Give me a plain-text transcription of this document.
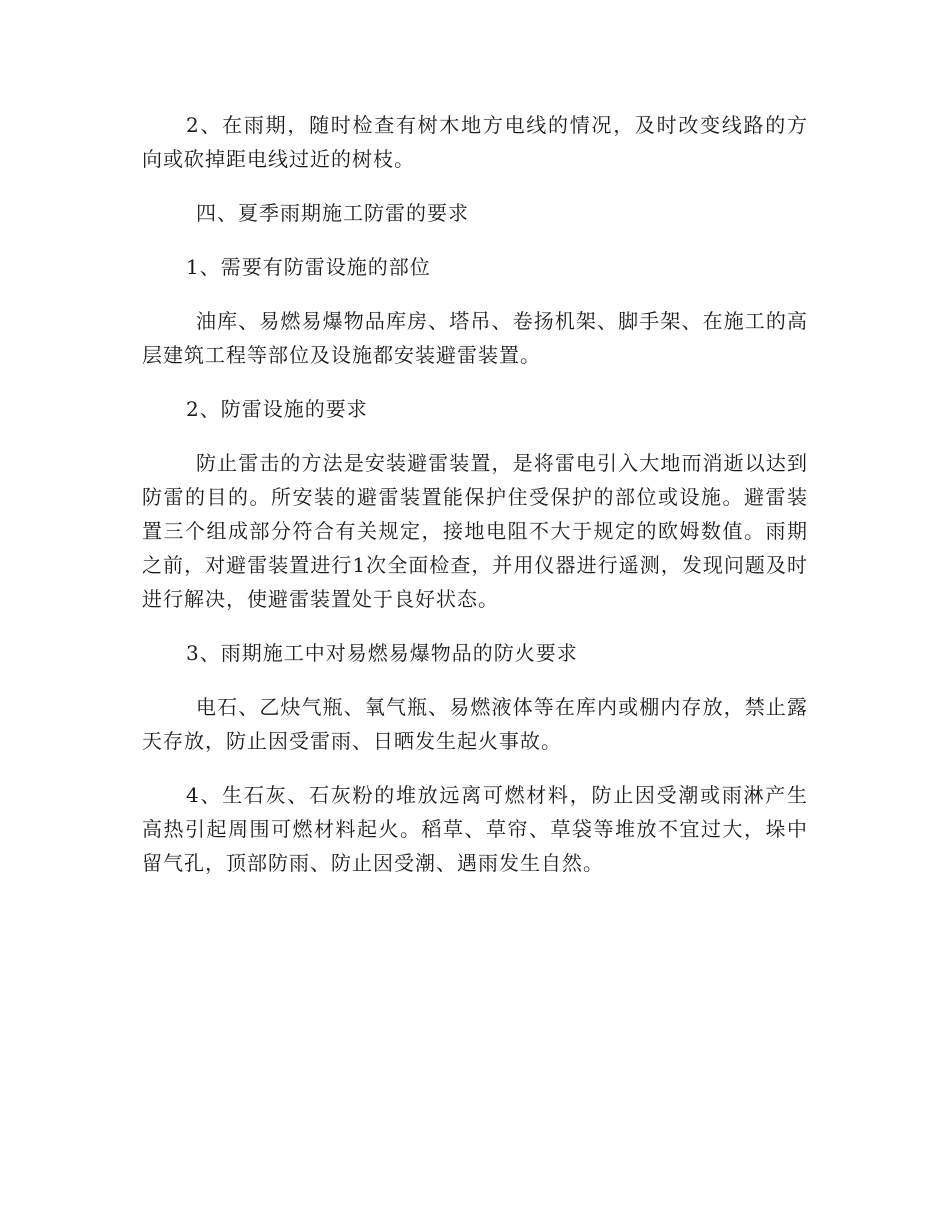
2、在雨期，随时检查有树木地方电线的情况，及时改变线路的方向或砍掉距电线过近的树枝。

四、夏季雨期施工防雷的要求

1、需要有防雷设施的部位

油库、易燃易爆物品库房、塔吊、卷扬机架、脚手架、在施工的高层建筑工程等部位及设施都安装避雷装置。

2、防雷设施的要求

防止雷击的方法是安装避雷装置，是将雷电引入大地而消逝以达到防雷的目的。所安装的避雷装置能保护住受保护的部位或设施。避雷装置三个组成部分符合有关规定，接地电阻不大于规定的欧姆数值。雨期之前，对避雷装置进行1次全面检查，并用仪器进行遥测，发现问题及时进行解决，使避雷装置处于良好状态。

3、雨期施工中对易燃易爆物品的防火要求

电石、乙炔气瓶、氧气瓶、易燃液体等在库内或棚内存放，禁止露天存放，防止因受雷雨、日晒发生起火事故。

4、生石灰、石灰粉的堆放远离可燃材料，防止因受潮或雨淋产生高热引起周围可燃材料起火。稻草、草帘、草袋等堆放不宜过大，垛中留气孔，顶部防雨、防止因受潮、遇雨发生自然。
